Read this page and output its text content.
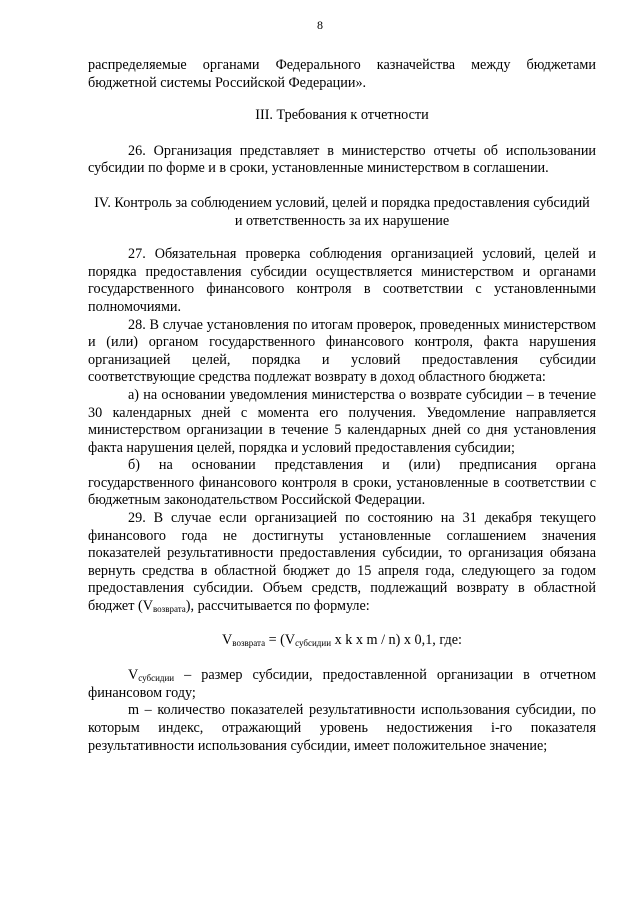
8

распределяемые органами Федерального казначейства между бюджетами бюджетной системы Российской Федерации».

III. Требования к отчетности

26. Организация представляет в министерство отчеты об использовании субсидии по форме и в сроки, установленные министерством в соглашении.

IV. Контроль за соблюдением условий, целей и порядка предоставления субсидий и ответственность за их нарушение

27. Обязательная проверка соблюдения организацией условий, целей и порядка предоставления субсидии осуществляется министерством и органами государственного финансового контроля в соответствии с установленными полномочиями.

28. В случае установления по итогам проверок, проведенных министерством и (или) органом государственного финансового контроля, факта нарушения организацией целей, порядка и условий предоставления субсидии соответствующие средства подлежат возврату в доход областного бюджета:

а) на основании уведомления министерства о возврате субсидии – в течение 30 календарных дней с момента его получения. Уведомление направляется министерством организации в течение 5 календарных дней со дня установления факта нарушения целей, порядка и условий предоставления субсидии;

б) на основании представления и (или) предписания органа государственного финансового контроля в сроки, установленные в соответствии с бюджетным законодательством Российской Федерации.

29. В случае если организацией по состоянию на 31 декабря текущего финансового года не достигнуты установленные соглашением значения показателей результативности предоставления субсидии, то организация обязана вернуть средства в областной бюджет до 15 апреля года, следующего за годом предоставления субсидии. Объем средств, подлежащий возврату в областной бюджет $(V_{возврата})$, рассчитывается по формуле:

$V_{возврата} = (V_{субсидии}$ x k x m / n) x 0,1, где:

$V_{субсидии}$ – размер субсидии, предоставленной организации в отчетном финансовом году;

m – количество показателей результативности использования субсидии, по которым индекс, отражающий уровень недостижения i-го показателя результативности использования субсидии, имеет положительное значение;
